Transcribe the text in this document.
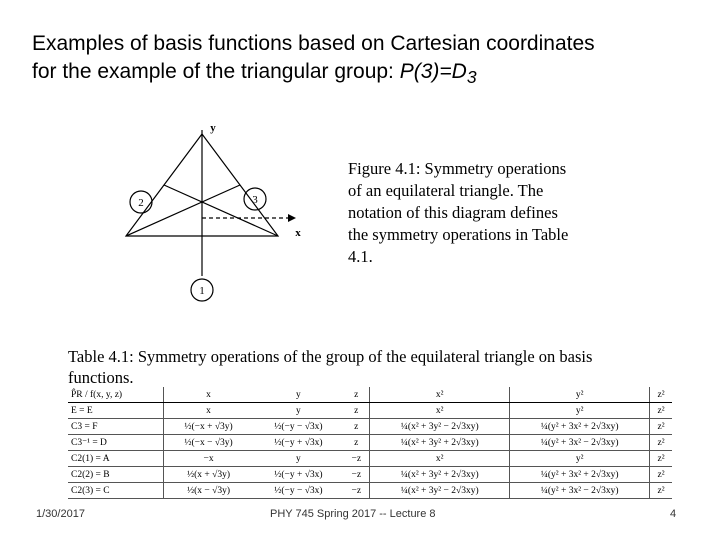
Examples of basis functions based on Cartesian coordinates
for the example of the triangular group: $P(3)=D_3$
y
x
2	3
1
Figure 4.1: Symmetry operations of an equilateral triangle. The notation of this diagram defines the symmetry operations in Table 4.1.
Table 4.1: Symmetry operations of the group of the equilateral triangle on basis functions.
P̂R / f(x, y, z)	x	y	z	x²	y²	z²
E = E	x	y	z	x²	y²	z²
C3 = F	½(−x + √3y)	½(−y − √3x)	z	¼(x² + 3y² − 2√3xy)	¼(y² + 3x² + 2√3xy)	z²
C3⁻¹ = D	½(−x − √3y)	½(−y + √3x)	z	¼(x² + 3y² + 2√3xy)	¼(y² + 3x² − 2√3xy)	z²
C2(1) = A	−x	y	−z	x²	y²	z²
C2(2) = B	½(x + √3y)	½(−y + √3x)	−z	¼(x² + 3y² + 2√3xy)	¼(y² + 3x² + 2√3xy)	z²
C2(3) = C	½(x − √3y)	½(−y − √3x)	−z	¼(x² + 3y² − 2√3xy)	¼(y² + 3x² − 2√3xy)	z²
1/30/2017	PHY 745 Spring 2017 -- Lecture 8	4
